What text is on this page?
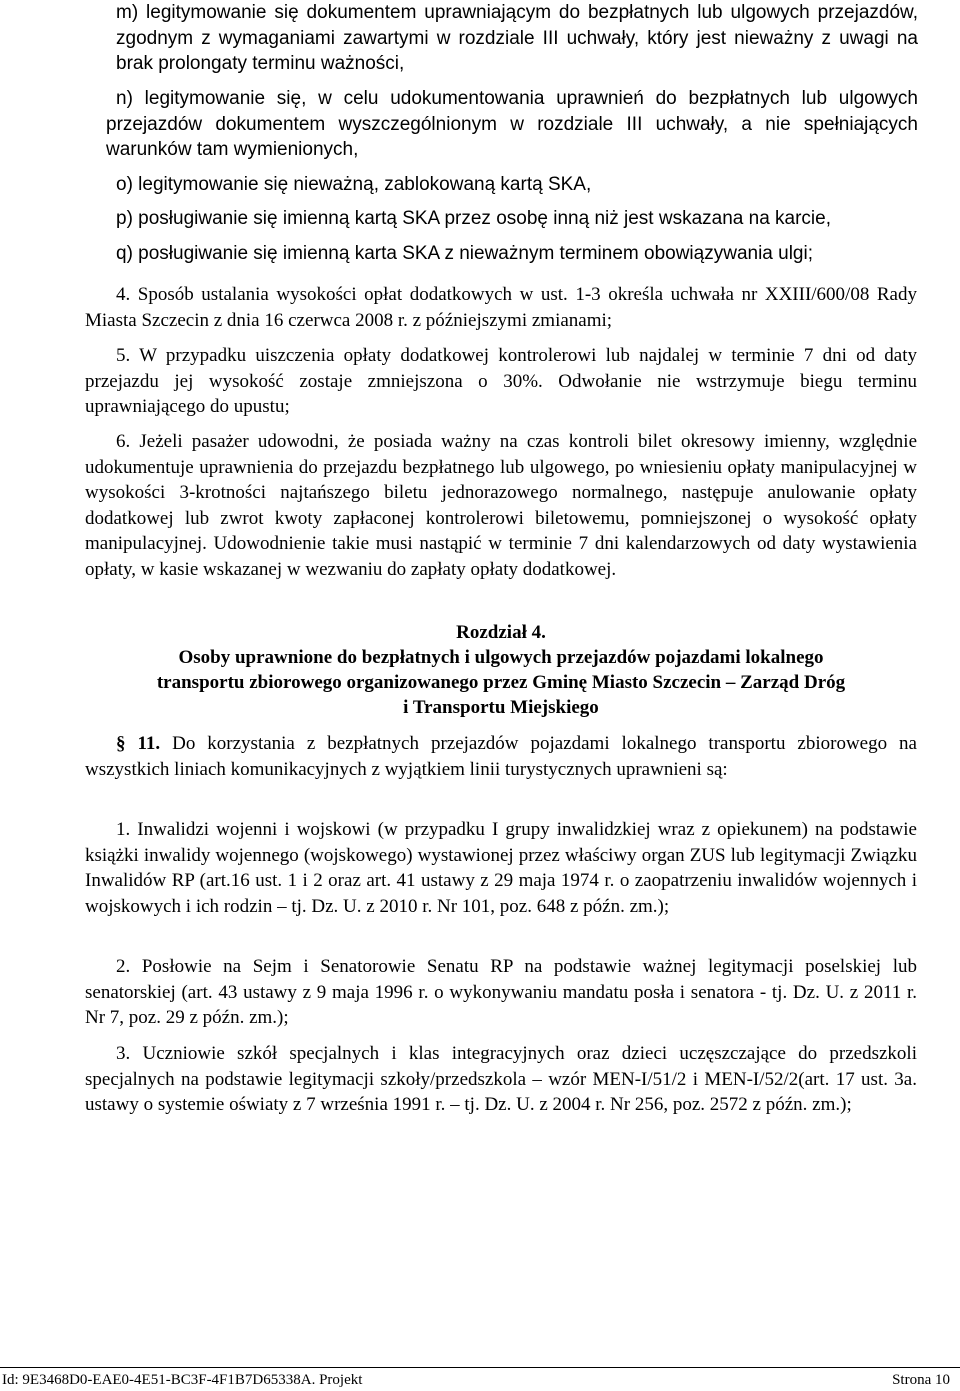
m) legitymowanie się dokumentem uprawniającym do bezpłatnych lub ulgowych przejazdów, zgodnym z wymaganiami zawartymi w rozdziale III uchwały, który jest nieważny z uwagi na brak prolongaty terminu ważności,

n) legitymowanie się, w celu udokumentowania uprawnień do bezpłatnych lub ulgowych przejazdów dokumentem wyszczególnionym w rozdziale III uchwały, a nie spełniających warunków tam wymienionych,

o) legitymowanie się nieważną, zablokowaną kartą SKA,

p) posługiwanie się imienną kartą SKA przez osobę inną niż jest wskazana na karcie,

q) posługiwanie się imienną karta SKA z nieważnym terminem obowiązywania ulgi;

4. Sposób ustalania wysokości opłat dodatkowych w ust. 1-3 określa uchwała nr XXIII/600/08 Rady Miasta Szczecin z dnia 16 czerwca 2008 r. z późniejszymi zmianami;

5. W przypadku uiszczenia opłaty dodatkowej kontrolerowi lub najdalej w terminie 7 dni od daty przejazdu jej wysokość zostaje zmniejszona o 30%. Odwołanie nie wstrzymuje biegu terminu uprawniającego do upustu;

6. Jeżeli pasażer udowodni, że posiada ważny na czas kontroli bilet okresowy imienny, względnie udokumentuje uprawnienia do przejazdu bezpłatnego lub ulgowego, po wniesieniu opłaty manipulacyjnej w wysokości 3-krotności najtańszego biletu jednorazowego normalnego, następuje anulowanie opłaty dodatkowej lub zwrot kwoty zapłaconej kontrolerowi biletowemu, pomniejszonej o wysokość opłaty manipulacyjnej. Udowodnienie takie musi nastąpić w terminie 7 dni kalendarzowych od daty wystawienia opłaty, w kasie wskazanej w wezwaniu do zapłaty opłaty dodatkowej.

Rozdział 4.
Osoby uprawnione do bezpłatnych i ulgowych przejazdów pojazdami lokalnego
transportu zbiorowego organizowanego przez Gminę Miasto Szczecin – Zarząd Dróg
i Transportu Miejskiego

§ 11. Do korzystania z bezpłatnych przejazdów pojazdami lokalnego transportu zbiorowego na wszystkich liniach komunikacyjnych z wyjątkiem linii turystycznych uprawnieni są:

1. Inwalidzi wojenni i wojskowi (w przypadku I grupy inwalidzkiej wraz z opiekunem) na podstawie książki inwalidy wojennego (wojskowego) wystawionej przez właściwy organ ZUS lub legitymacji Związku Inwalidów RP (art.16 ust. 1 i 2 oraz art. 41 ustawy z 29 maja 1974 r. o zaopatrzeniu inwalidów wojennych i wojskowych i ich rodzin – tj. Dz. U. z 2010 r. Nr 101, poz. 648 z późn. zm.);

2. Posłowie na Sejm i Senatorowie Senatu RP na podstawie ważnej legitymacji poselskiej lub senatorskiej (art. 43 ustawy z 9 maja 1996 r. o wykonywaniu mandatu posła i senatora - tj. Dz. U. z 2011 r. Nr 7, poz. 29 z późn. zm.);

3. Uczniowie szkół specjalnych i klas integracyjnych oraz dzieci uczęszczające do przedszkoli specjalnych na podstawie legitymacji szkoły/przedszkola – wzór MEN-I/51/2 i MEN-I/52/2(art. 17 ust. 3a. ustawy o systemie oświaty z 7 września 1991 r. – tj. Dz. U. z 2004 r. Nr 256, poz. 2572 z późn. zm.);

Id: 9E3468D0-EAE0-4E51-BC3F-4F1B7D65338A. Projekt	Strona 10
